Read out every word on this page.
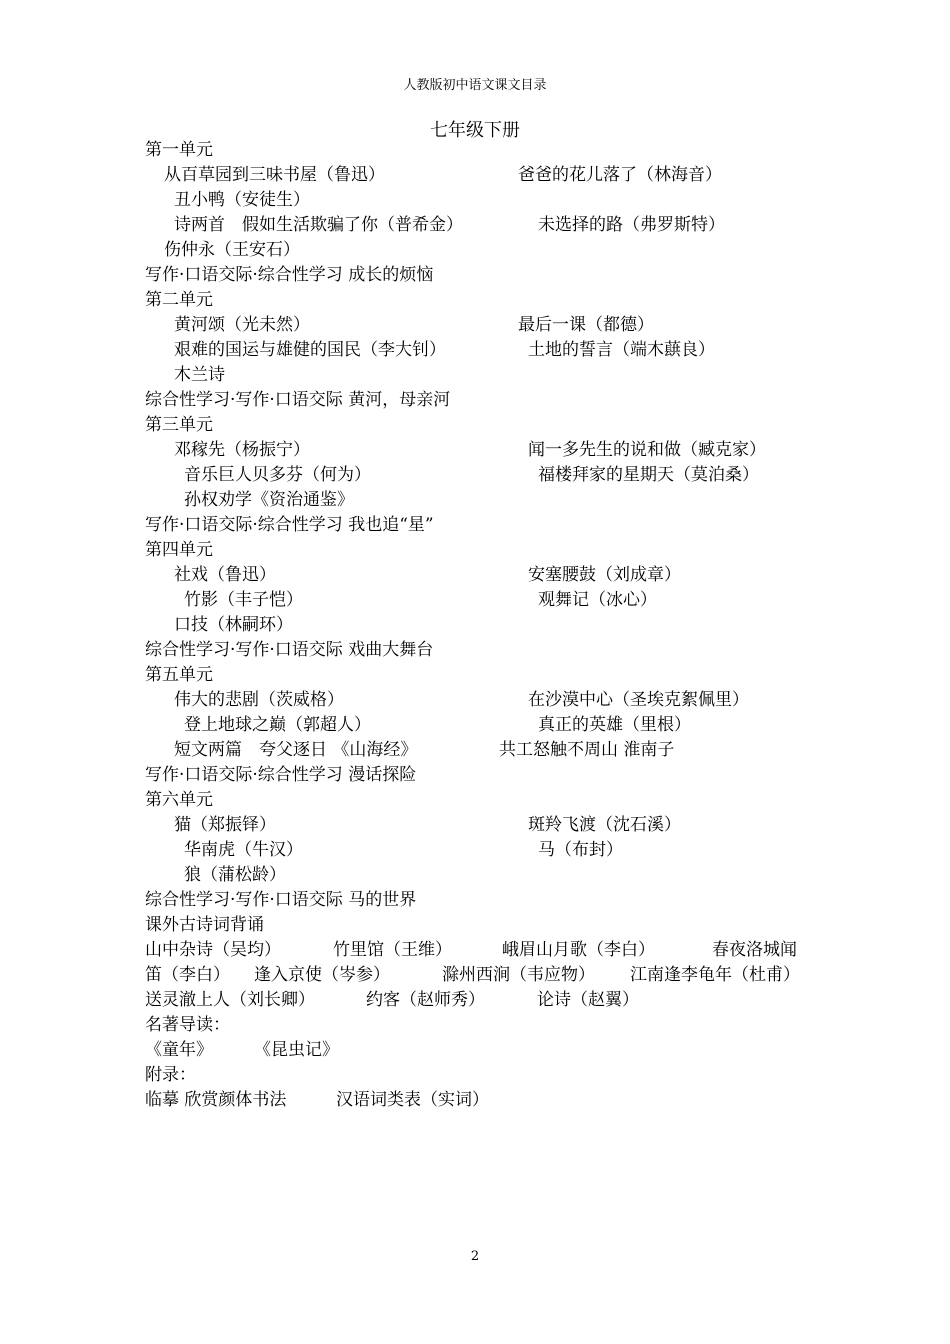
人教版初中语文课文目录
七年级下册
第一单元
从百草园到三味书屋（鲁迅）	爸爸的花儿落了（林海音）
丑小鸭（安徒生）
诗两首　假如生活欺骗了你（普希金）	未选择的路（弗罗斯特）
伤仲永（王安石）
写作·口语交际·综合性学习 成长的烦恼
第二单元
黄河颂（光未然）	最后一课（都德）
艰难的国运与雄健的国民（李大钊）	土地的誓言（端木蕻良）
木兰诗
综合性学习·写作·口语交际 黄河，母亲河
第三单元
邓稼先（杨振宁）	闻一多先生的说和做（臧克家）
音乐巨人贝多芬（何为）	福楼拜家的星期天（莫泊桑）
孙权劝学《资治通鉴》
写作·口语交际·综合性学习 我也追“星”
第四单元
社戏（鲁迅）	安塞腰鼓（刘成章）
竹影（丰子恺）	观舞记（冰心）
口技（林嗣环）
综合性学习·写作·口语交际 戏曲大舞台
第五单元
伟大的悲剧（茨威格）	在沙漠中心（圣埃克絮佩里）
登上地球之巅（郭超人）	真正的英雄（里根）
短文两篇　夸父逐日 《山海经》	共工怒触不周山 淮南子
写作·口语交际·综合性学习 漫话探险
第六单元
猫（郑振铎）	斑羚飞渡（沈石溪）
华南虎（牛汉）	马（布封）
狼（蒲松龄）
综合性学习·写作·口语交际 马的世界
课外古诗词背诵
山中杂诗（吴均）	竹里馆（王维）	峨眉山月歌（李白）	春夜洛城闻
笛（李白） 逢入京使（岑参）	滁州西涧（韦应物） 江南逢李龟年（杜甫）
送灵澈上人（刘长卿）	约客（赵师秀）	论诗（赵翼）
名著导读：
《童年》 《昆虫记》
附录：
临摹 欣赏颜体书法	汉语词类表（实词）
2
